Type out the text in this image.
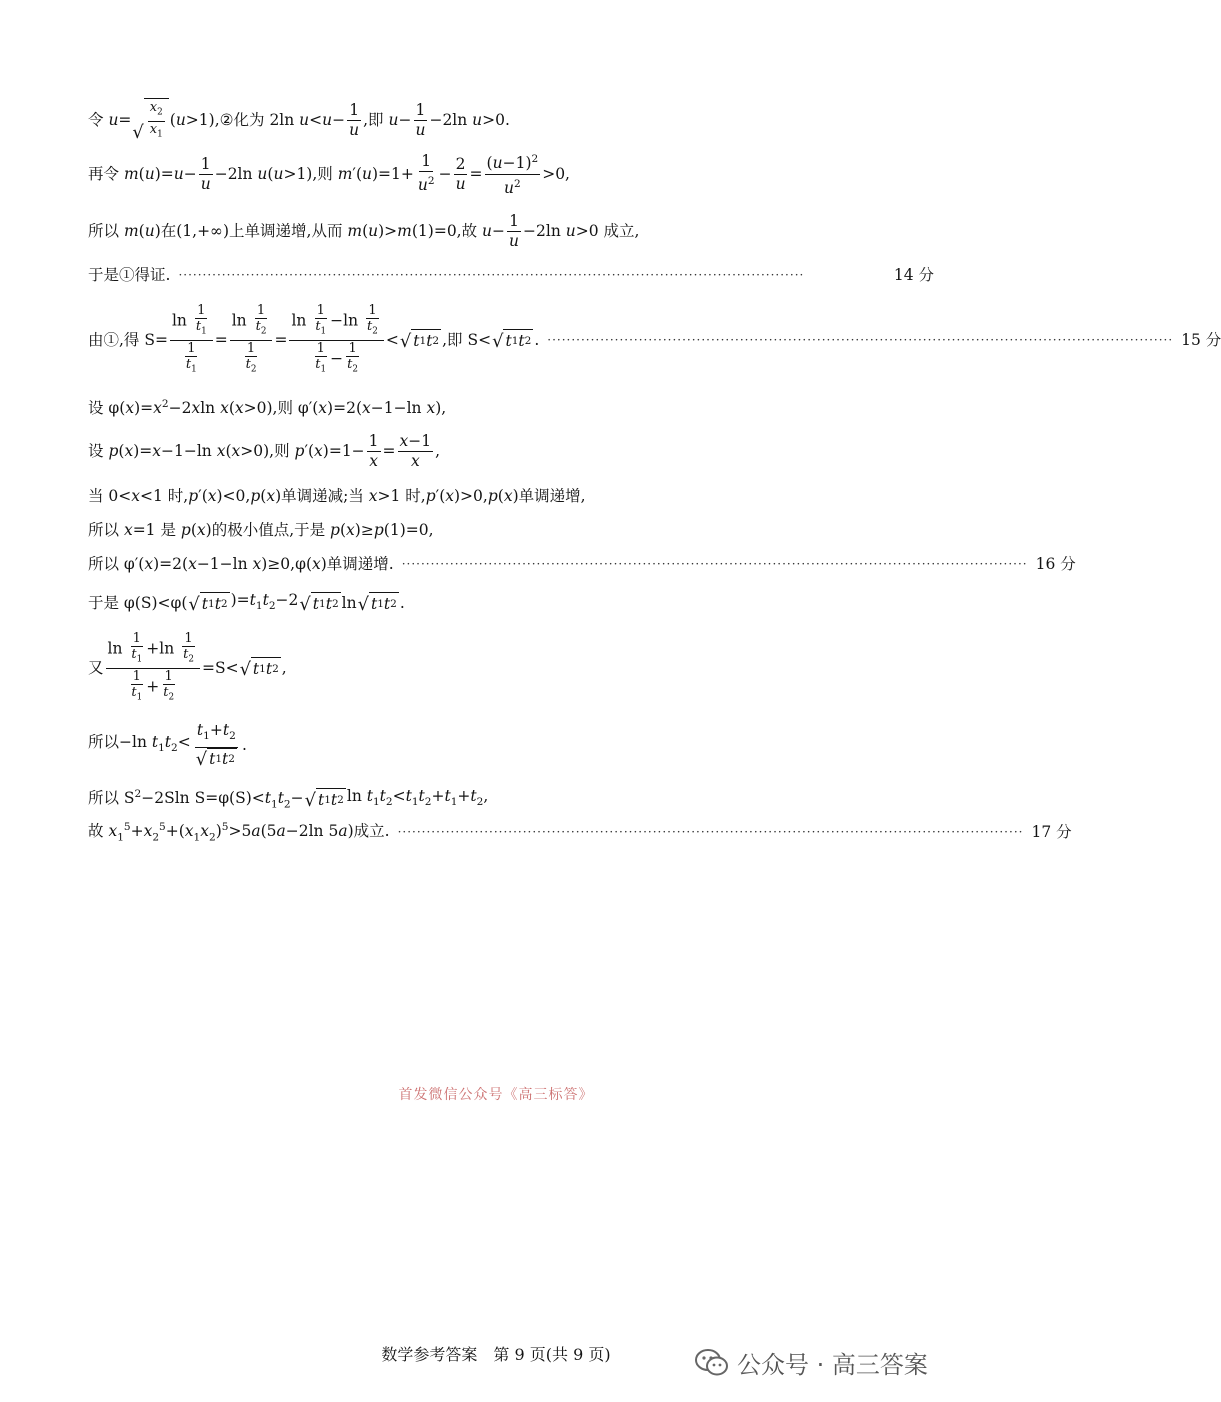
令 u=
√ $\frac{x_2}{x_1}$ (u>1),②化为 2ln $u<u- \frac{1}{u}$ ,即 $u- \frac{1}{u} -2\ln$ u>0.
再令 $m(u)=u- \frac{1}{u} -2\ln$ u(u>1),则 $m'(u)=1+ \frac{1}{u^2} - \frac{2}{u} = \frac{(u-1)^2}{u^2} >0$,
所以 m(u)在(1,+∞)上单调递增,从而 m(u)>m(1)=0,故 $u- \frac{1}{u} -2\ln$ u>0 成立,
于是①得证. ··································································································································	14 分
由①,得 $S= \frac{\ln \frac{1}{t_1}}{\frac{1}{t_1}} = \frac{\ln \frac{1}{t_2}}{\frac{1}{t_2}} = \frac{\ln \frac{1}{t_1} -\ln \frac{1}{t_2}}{\frac{1}{t_1} - \frac{1}{t_2}}$ < √ t 1 t 2 ,即 S< √ t 1 t 2 . ·································································································································· 15 分
设 $\varphi(x)=x^2-2xln$ x(x>0),则 φ′(x)=2(x−1−ln x),
设 p(x)=x−1−ln x(x>0),则 $p'(x)=1- \frac{1}{x} = \frac{x-1}{x}$ ,
当 0<x<1 时,p′(x)<0,p(x)单调递减;当 x>1 时,p′(x)>0,p(x)单调递增,
所以 x=1 是 p(x)的极小值点,于是 p(x)≥p(1)=0,
所以 φ′(x)=2(x−1−ln x)≥0,φ(x)单调递增. ·································································································································· 16 分
于是 φ(S)<φ( √ t 1 t 2 )$=t_1t_2-2$ √ t 1 t 2 ln √ t 1 t 2 .
又 $\frac{\ln \frac{1}{t_1} +\ln \frac{1}{t_2}}{\frac{1}{t_1} + \frac{1}{t_2}} =S<$ √ t 1 t 2 ,
所以−ln $t_1t_2< \frac{t_1+t_2}{√ t 1 t 2}$ .
所以 $S^2-2Sln$ $S=\varphi(S)<t_1t_2-$ √ t 1 t 2 $\ln t_1t_2<t_1t_2+t_1+t_2$,
故 $x_1^5+x_2^5+(x_1x_2)^5>5a(5a-2\ln$ 5a)成立. ·································································································································· 17 分
首发微信公众号《高三标答》
公众号 · 高三答案
数学参考答案　第 9 页(共 9 页)
